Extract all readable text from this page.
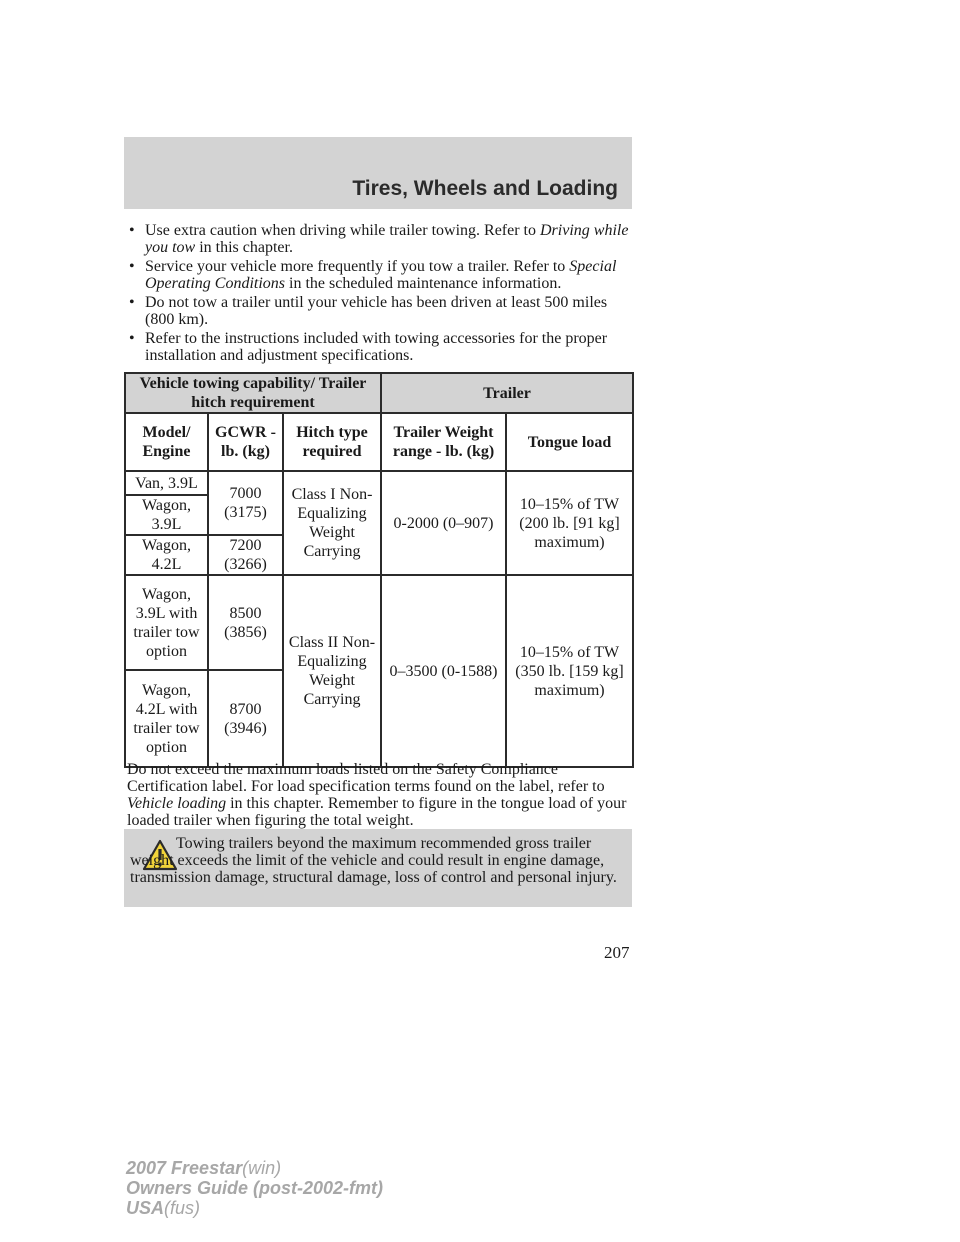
Tires, Wheels and Loading
• Use extra caution when driving while trailer towing. Refer to Driving while you tow in this chapter.
• Service your vehicle more frequently if you tow a trailer. Refer to Special Operating Conditions in the scheduled maintenance information.
• Do not tow a trailer until your vehicle has been driven at least 500 miles (800 km).
• Refer to the instructions included with towing accessories for the proper installation and adjustment specifications.
Vehicle towing capability/ Trailer hitch requirement			Trailer	
Model/ Engine	GCWR - lb. (kg)	Hitch type required	Trailer Weight range - lb. (kg)	Tongue load
Van, 3.9L	7000 (3175)	Class I Non-Equalizing Weight Carrying	0-2000 (0–907)	10–15% of TW (200 lb. [91 kg] maximum)
Wagon, 3.9L				
Wagon, 4.2L	7200 (3266)			
Wagon, 3.9L with trailer tow option	8500 (3856)	Class II Non-Equalizing Weight Carrying	0–3500 (0-1588)	10–15% of TW (350 lb. [159 kg] maximum)
Wagon, 4.2L with trailer tow option	8700 (3946)			
Do not exceed the maximum loads listed on the Safety Compliance Certification label. For load specification terms found on the label, refer to Vehicle loading in this chapter. Remember to figure in the tongue load of your loaded trailer when figuring the total weight.
Towing trailers beyond the maximum recommended gross trailer weight exceeds the limit of the vehicle and could result in engine damage, transmission damage, structural damage, loss of control and personal injury.
207
2007 Freestar(win)
Owners Guide (post-2002-fmt)
USA(fus)
